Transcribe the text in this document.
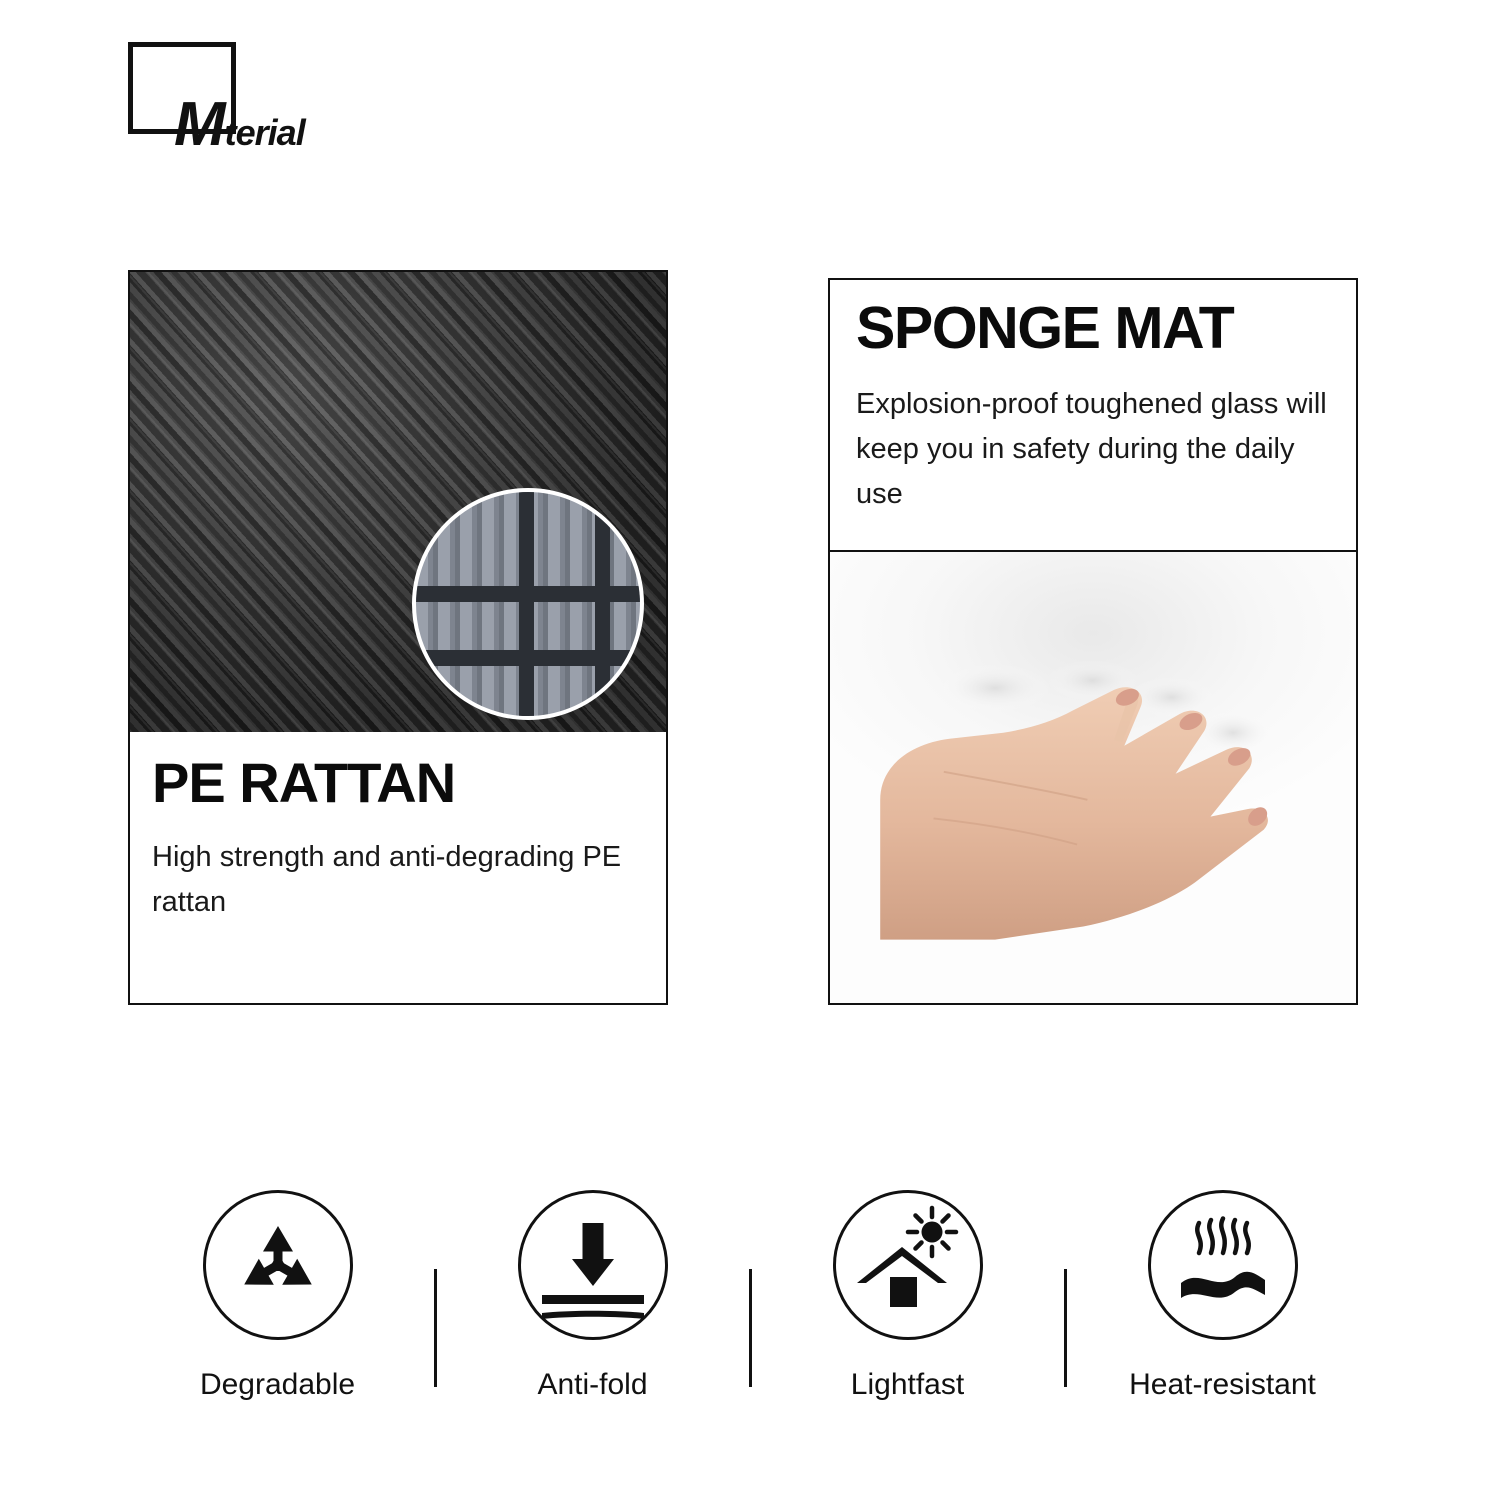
Mterial
PE RATTAN
High strength and anti-degrading PE rattan
SPONGE MAT
Explosion-proof toughened glass will keep you in safety during the daily use
Degradable	Anti-fold	Lightfast	Heat-resistant
